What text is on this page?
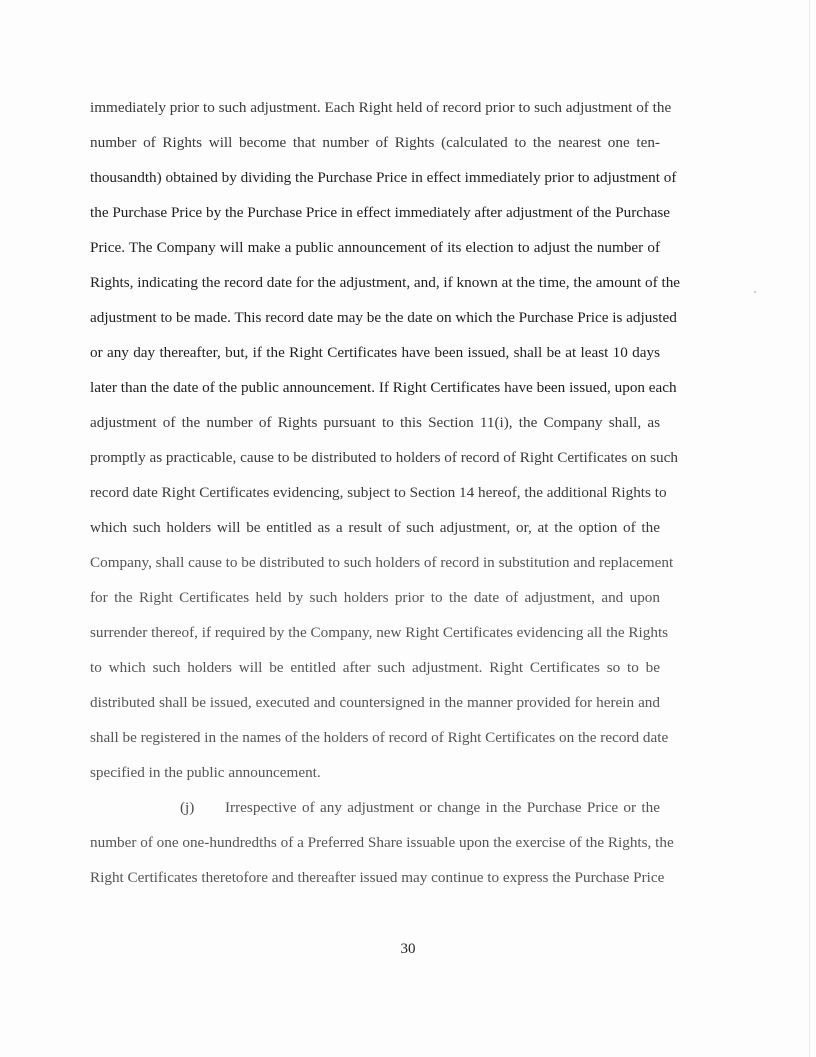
immediately prior to such adjustment. Each Right held of record prior to such adjustment of the
number of Rights will become that number of Rights (calculated to the nearest one ten-
thousandth) obtained by dividing the Purchase Price in effect immediately prior to adjustment of
the Purchase Price by the Purchase Price in effect immediately after adjustment of the Purchase
Price. The Company will make a public announcement of its election to adjust the number of
Rights, indicating the record date for the adjustment, and, if known at the time, the amount of the
adjustment to be made. This record date may be the date on which the Purchase Price is adjusted
or any day thereafter, but, if the Right Certificates have been issued, shall be at least 10 days
later than the date of the public announcement. If Right Certificates have been issued, upon each
adjustment of the number of Rights pursuant to this Section 11(i), the Company shall, as
promptly as practicable, cause to be distributed to holders of record of Right Certificates on such
record date Right Certificates evidencing, subject to Section 14 hereof, the additional Rights to
which such holders will be entitled as a result of such adjustment, or, at the option of the
Company, shall cause to be distributed to such holders of record in substitution and replacement
for the Right Certificates held by such holders prior to the date of adjustment, and upon
surrender thereof, if required by the Company, new Right Certificates evidencing all the Rights
to which such holders will be entitled after such adjustment. Right Certificates so to be
distributed shall be issued, executed and countersigned in the manner provided for herein and
shall be registered in the names of the holders of record of Right Certificates on the record date
specified in the public announcement.
(j) Irrespective of any adjustment or change in the Purchase Price or the
number of one one-hundredths of a Preferred Share issuable upon the exercise of the Rights, the
Right Certificates theretofore and thereafter issued may continue to express the Purchase Price
30
